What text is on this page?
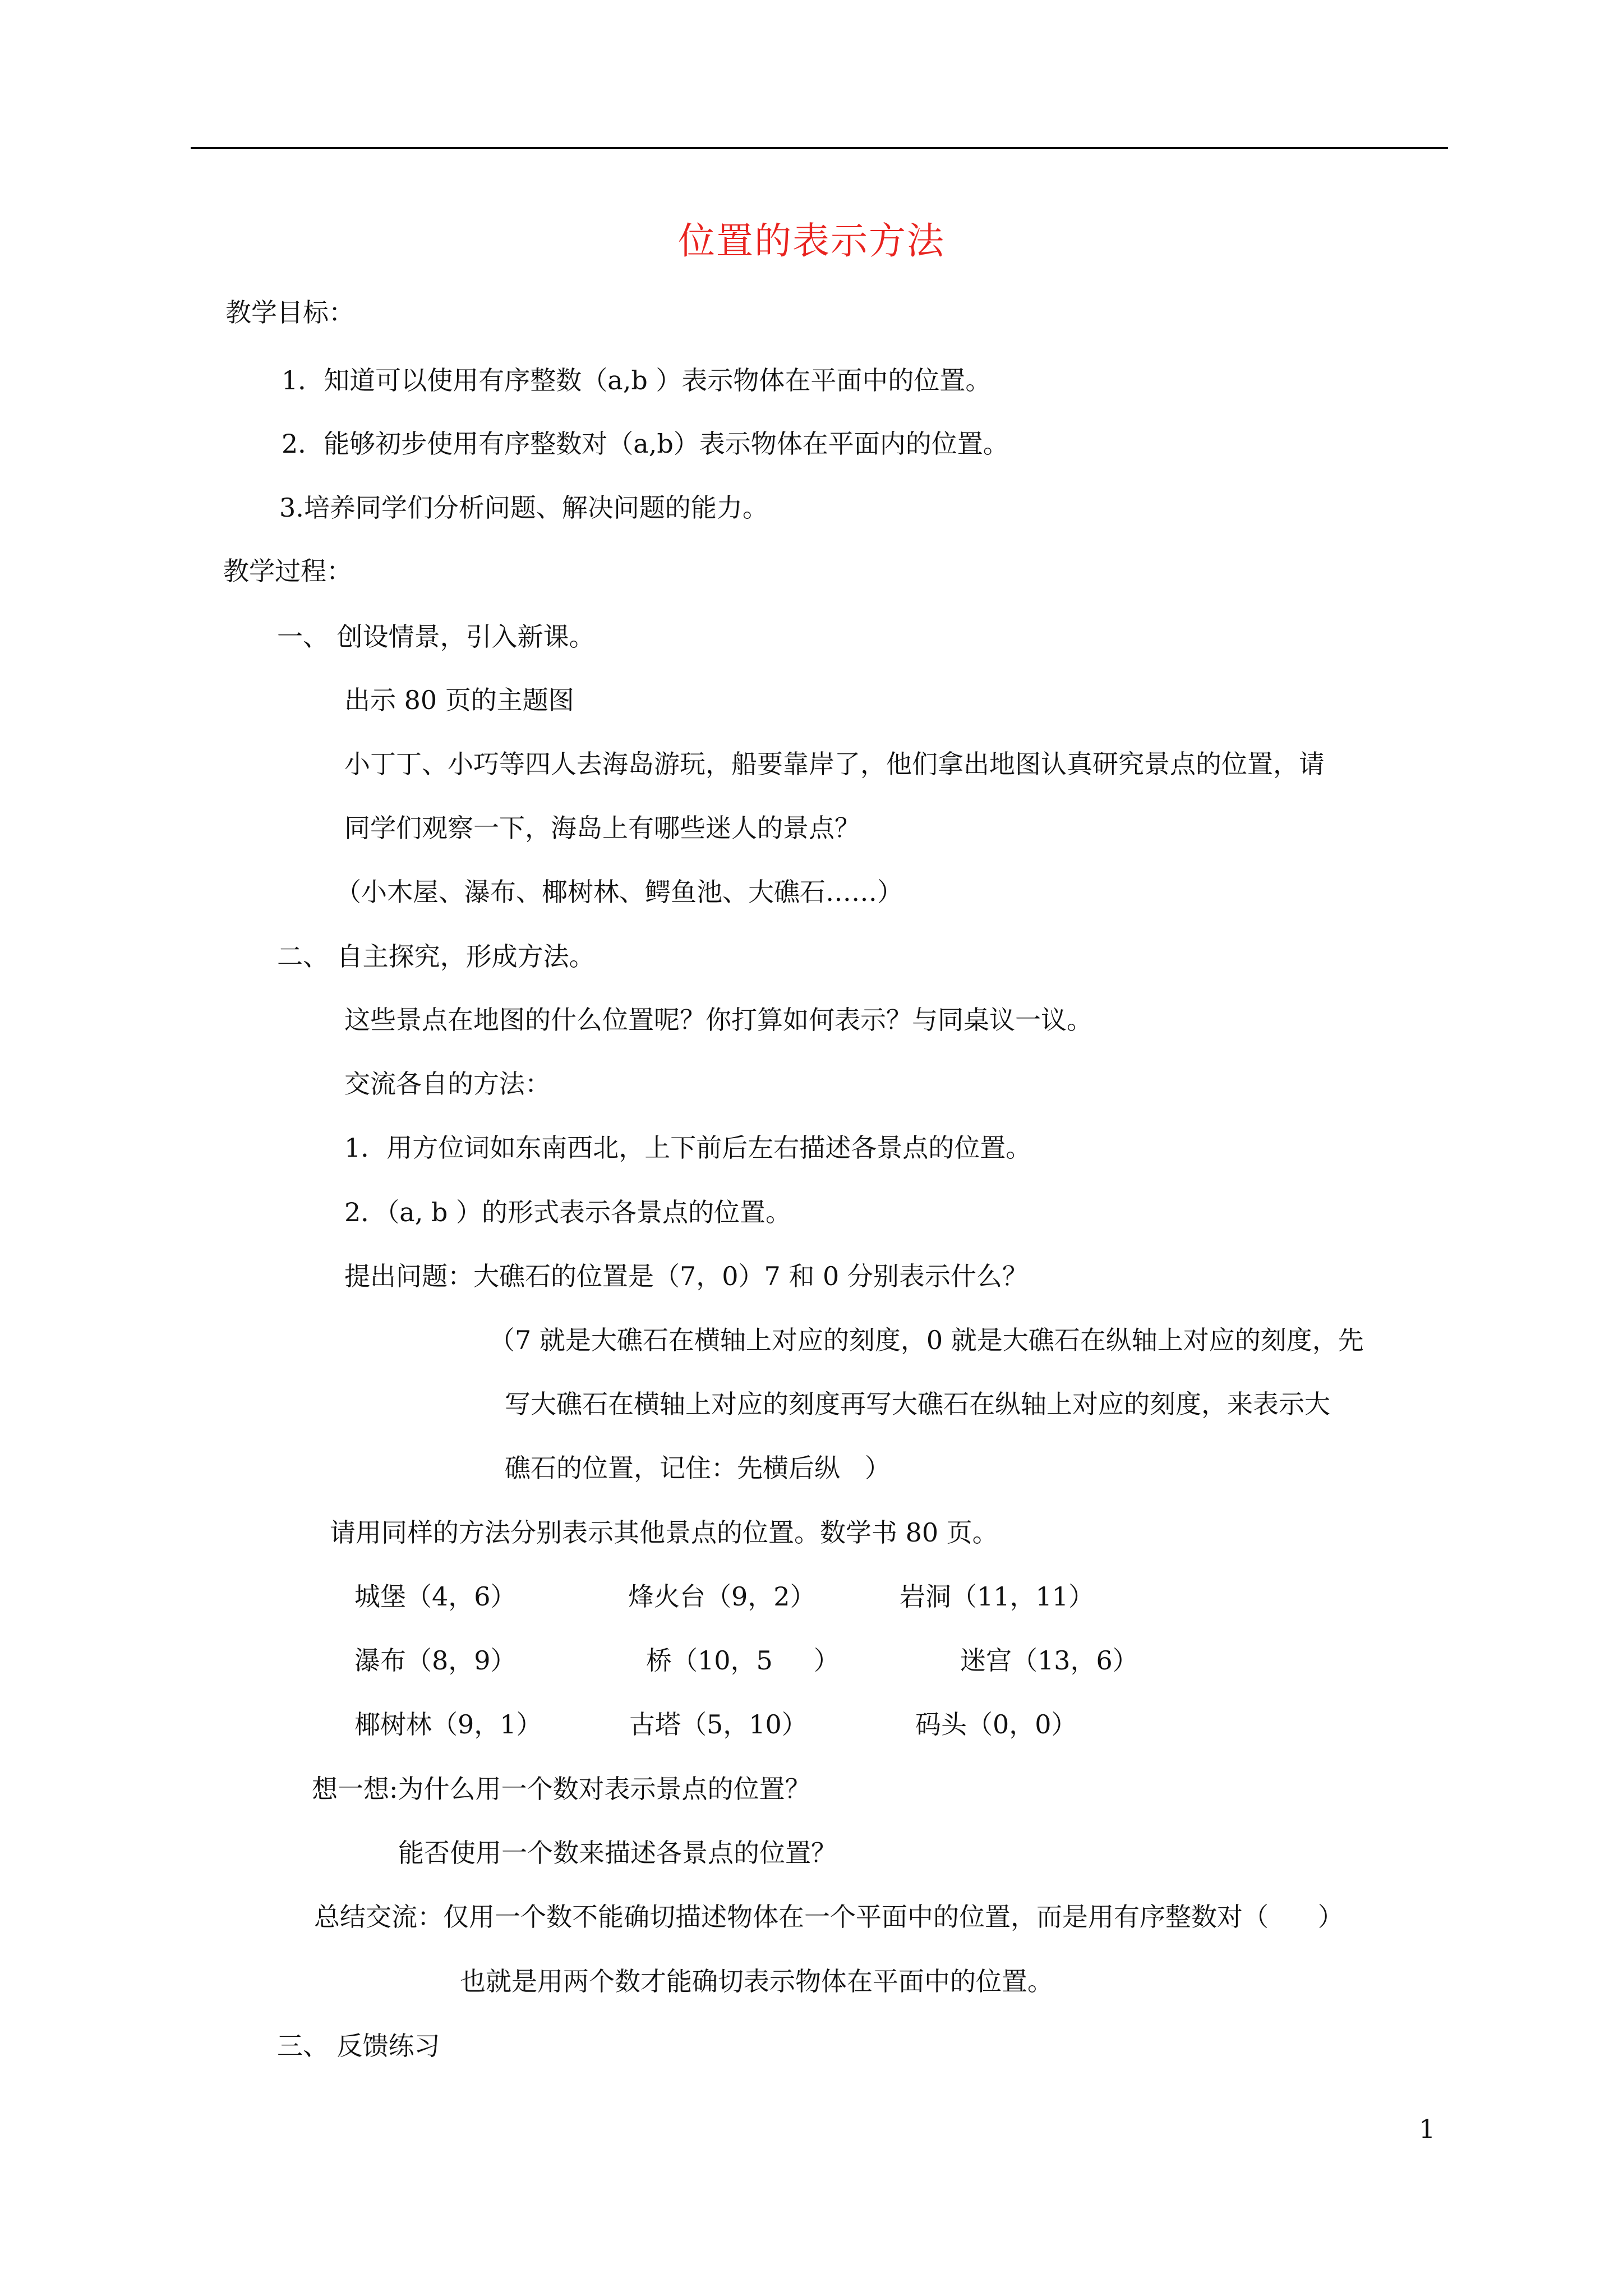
位置的表示方法
教学目标：
1．知道可以使用有序整数（a,b ）表示物体在平面中的位置。
2．能够初步使用有序整数对（a,b）表示物体在平面内的位置。
3.培养同学们分析问题、解决问题的能力。
教学过程：
一、 创设情景，引入新课。
出示 80 页的主题图
小丁丁、小巧等四人去海岛游玩，船要靠岸了，他们拿出地图认真研究景点的位置，请
同学们观察一下，海岛上有哪些迷人的景点？
（小木屋、瀑布、椰树林、鳄鱼池、大礁石……）
二、 自主探究，形成方法。
这些景点在地图的什么位置呢？你打算如何表示？与同桌议一议。
交流各自的方法：
1．用方位词如东南西北，上下前后左右描述各景点的位置。
2．（a, b ）的形式表示各景点的位置。
提出问题：大礁石的位置是（7，0）7 和 0 分别表示什么？
（7 就是大礁石在横轴上对应的刻度，0 就是大礁石在纵轴上对应的刻度，先
写大礁石在横轴上对应的刻度再写大礁石在纵轴上对应的刻度，来表示大
礁石的位置，记住：先横后纵   ）
请用同样的方法分别表示其他景点的位置。数学书 80 页。
城堡（4，6）	烽火台（9，2）	岩洞（11，11）
瀑布（8，9）	桥（10，5     ）	迷宫（13，6）
椰树林（9，1）	古塔（5，10）	码头（0，0）
想一想:为什么用一个数对表示景点的位置？
能否使用一个数来描述各景点的位置？
总结交流：仅用一个数不能确切描述物体在一个平面中的位置，而是用有序整数对（      ）
也就是用两个数才能确切表示物体在平面中的位置。
三、 反馈练习
1
